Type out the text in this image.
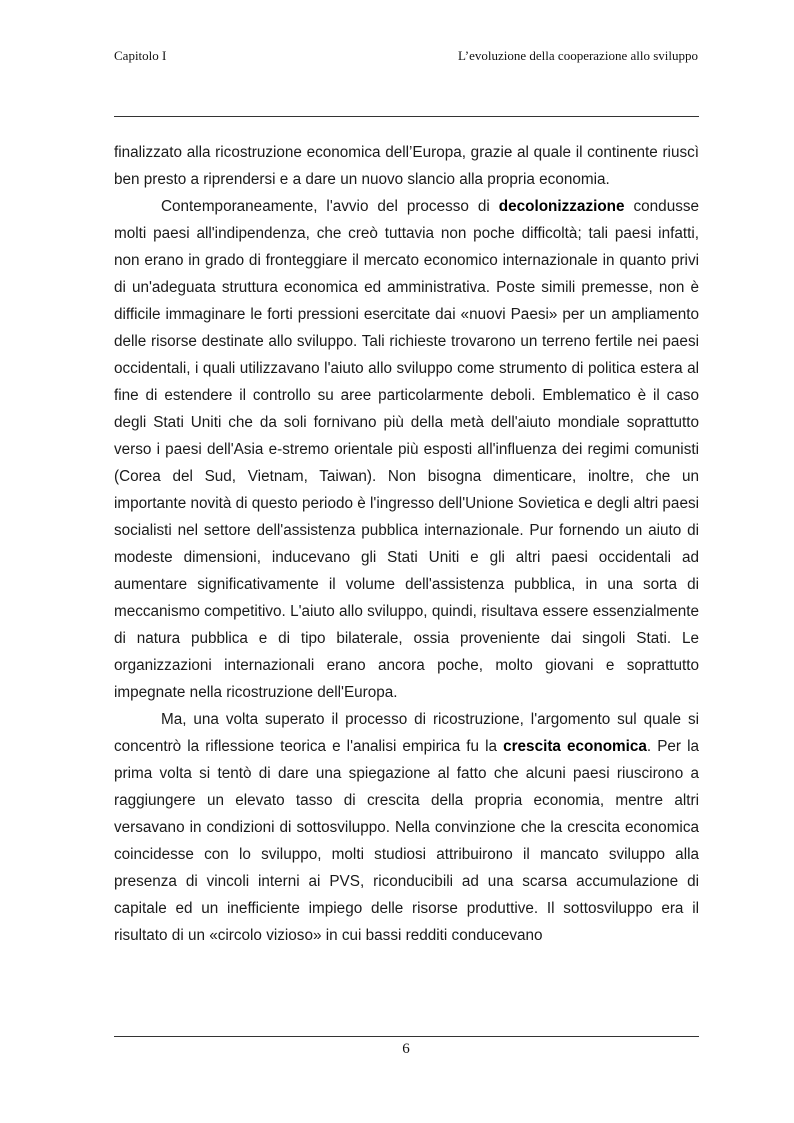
Capitolo I	L’evoluzione della cooperazione allo sviluppo

finalizzato alla ricostruzione economica dell’Europa, grazie al quale il continente riuscì ben presto a riprendersi e a dare un nuovo slancio alla propria economia.

Contemporaneamente, l'avvio del processo di decolonizzazione condusse molti paesi all'indipendenza, che creò tuttavia non poche difficoltà; tali paesi infatti, non erano in grado di fronteggiare il mercato economico internazionale in quanto privi di un'adeguata struttura economica ed amministrativa. Poste simili premesse, non è difficile immaginare le forti pressioni esercitate dai «nuovi Paesi» per un ampliamento delle risorse destinate allo sviluppo. Tali richieste trovarono un terreno fertile nei paesi occidentali, i quali utilizzavano l'aiuto allo sviluppo come strumento di politica estera al fine di estendere il controllo su aree particolarmente deboli. Emblematico è il caso degli Stati Uniti che da soli fornivano più della metà dell'aiuto mondiale soprattutto verso i paesi dell'Asia e-stremo orientale più esposti all'influenza dei regimi comunisti (Corea del Sud, Vietnam, Taiwan). Non bisogna dimenticare, inoltre, che un importante novità di questo periodo è l'ingresso dell'Unione Sovietica e degli altri paesi socialisti nel settore dell'assistenza pubblica internazionale. Pur fornendo un aiuto di modeste dimensioni, inducevano gli Stati Uniti e gli altri paesi occidentali ad aumentare significativamente il volume dell'assistenza pubblica, in una sorta di meccanismo competitivo. L'aiuto allo sviluppo, quindi, risultava essere essenzialmente di natura pubblica e di tipo bilaterale, ossia proveniente dai singoli Stati. Le organizzazioni internazionali erano ancora poche, molto giovani e soprattutto impegnate nella ricostruzione dell'Europa.

Ma, una volta superato il processo di ricostruzione, l'argomento sul quale si concentrò la riflessione teorica e l'analisi empirica fu la crescita economica. Per la prima volta si tentò di dare una spiegazione al fatto che alcuni paesi riuscirono a raggiungere un elevato tasso di crescita della propria economia, mentre altri versavano in condizioni di sottosviluppo. Nella convinzione che la crescita economica coincidesse con lo sviluppo, molti studiosi attribuirono il mancato sviluppo alla presenza di vincoli interni ai PVS, riconducibili ad una scarsa accumulazione di capitale ed un inefficiente impiego delle risorse produttive. Il sottosviluppo era il risultato di un «circolo vizioso» in cui bassi redditi conducevano

6
